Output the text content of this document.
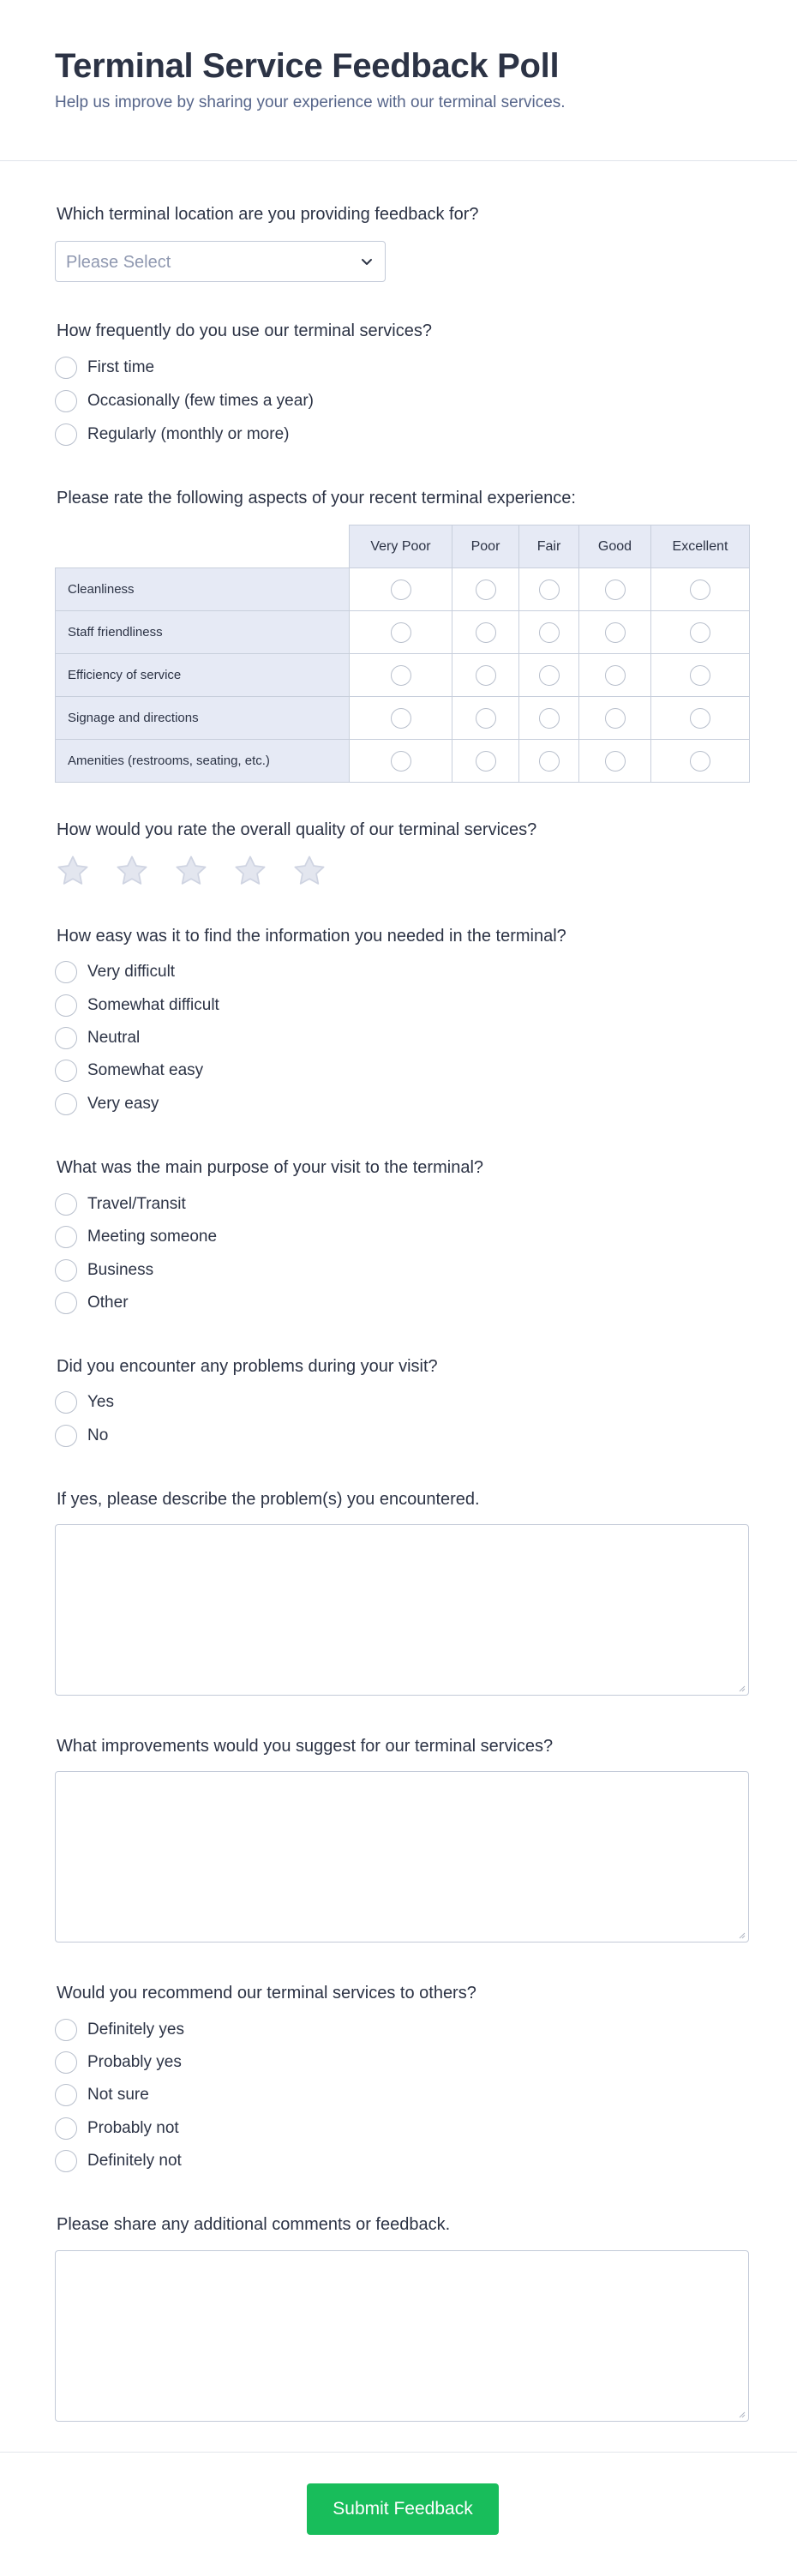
Terminal Service Feedback Poll
Help us improve by sharing your experience with our terminal services.
Which terminal location are you providing feedback for?
Please Select
How frequently do you use our terminal services?
First time
Occasionally (few times a year)
Regularly (monthly or more)
Please rate the following aspects of your recent terminal experience:
	Very Poor	Poor	Fair	Good	Excellent
Cleanliness					
Staff friendliness					
Efficiency of service					
Signage and directions					
Amenities (restrooms, seating, etc.)					
How would you rate the overall quality of our terminal services?
How easy was it to find the information you needed in the terminal?
Very difficult
Somewhat difficult
Neutral
Somewhat easy
Very easy
What was the main purpose of your visit to the terminal?
Travel/Transit
Meeting someone
Business
Other
Did you encounter any problems during your visit?
Yes
No
If yes, please describe the problem(s) you encountered.
What improvements would you suggest for our terminal services?
Would you recommend our terminal services to others?
Definitely yes
Probably yes
Not sure
Probably not
Definitely not
Please share any additional comments or feedback.
Submit Feedback
